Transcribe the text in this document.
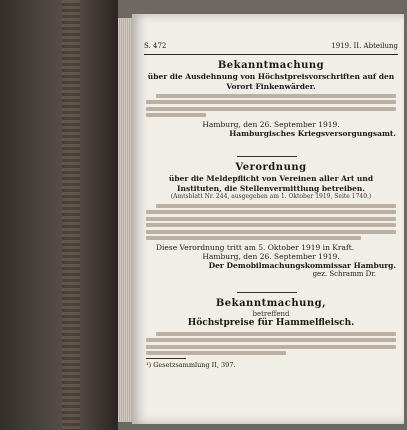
S. 472	1919. II. Abteilung
Bekanntmachung
über die Ausdehnung von Höchstpreisvorschriften auf den Vorort Finkenwärder.
Hamburg, den 26. September 1919.
Hamburgisches Kriegsversorgungsamt.
Verordnung
über die Meldepflicht von Vereinen aller Art und Instituten, die Stellenvermittlung betreiben.
(Amtsblatt Nr. 244, ausgegeben am 1. Oktober 1919, Seite 1740.)
Diese Verordnung tritt am 5. Oktober 1919 in Kraft.
Hamburg, den 26. September 1919.
Der Demobilmachungskommissar Hamburg.
gez. Schramm Dr.
Bekanntmachung,
betreffend
Höchstpreise für Hammelfleisch.
¹) Gesetzsammlung II, 397.
